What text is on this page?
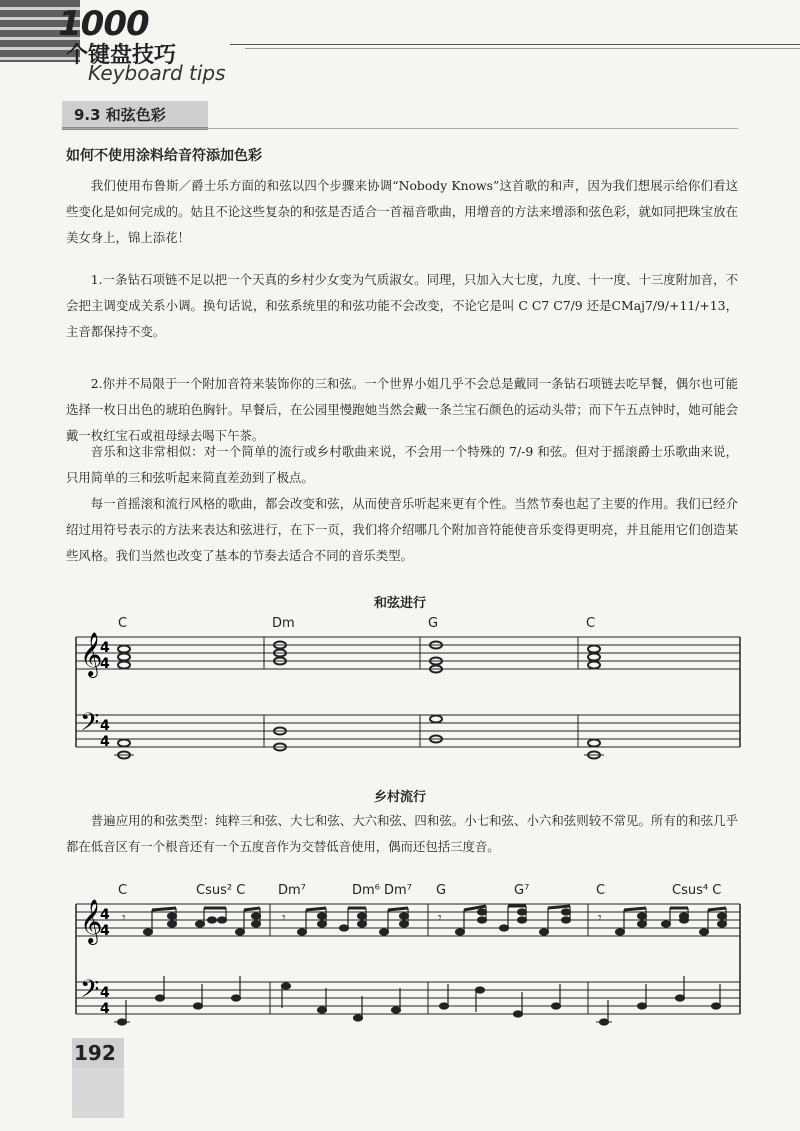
1000
个键盘技巧
Keyboard tips
9.3 和弦色彩
如何不使用涂料给音符添加色彩

我们使用布鲁斯／爵士乐方面的和弦以四个步骤来协调“Nobody Knows”这首歌的和声，因为我们想展示给你们看这些变化是如何完成的。姑且不论这些复杂的和弦是否适合一首福音歌曲，用增音的方法来增添和弦色彩，就如同把珠宝放在美女身上，锦上添花！

1.一条钻石项链不足以把一个天真的乡村少女变为气质淑女。同理，只加入大七度，九度、十一度、十三度附加音，不会把主调变成关系小调。换句话说，和弦系统里的和弦功能不会改变，不论它是叫 C C7 C7/9 还是CMaj7/9/+11/+13，主音都保持不变。

2.你并不局限于一个附加音符来装饰你的三和弦。一个世界小姐几乎不会总是戴同一条钻石项链去吃早餐，偶尔也可能选择一枚日出色的琥珀色胸针。早餐后，在公园里慢跑她当然会戴一条兰宝石颜色的运动头带；而下午五点钟时，她可能会戴一枚红宝石或祖母绿去喝下午茶。

音乐和这非常相似：对一个简单的流行或乡村歌曲来说，不会用一个特殊的 7/-9 和弦。但对于摇滚爵士乐歌曲来说，只用简单的三和弦听起来简直差劲到了极点。

每一首摇滚和流行风格的歌曲，都会改变和弦，从而使音乐听起来更有个性。当然节奏也起了主要的作用。我们已经介绍过用符号表示的方法来表达和弦进行，在下一页，我们将介绍哪几个附加音符能使音乐变得更明亮，并且能用它们创造某些风格。我们当然也改变了基本的节奏去适合不同的音乐类型。

和弦进行
𝄞
𝄢
4
4
4
4
C	Dm	G	C
乡村流行

普遍应用的和弦类型：纯粹三和弦、大七和弦、大六和弦、四和弦。小七和弦、小六和弦则较不常见。所有的和弦几乎都在低音区有一个根音还有一个五度音作为交替低音使用，偶而还包括三度音。

𝄞
𝄢
4
4
4
4
C	Csus² C	Dm⁷	Dm⁶ Dm⁷ G	G⁷	C	Csus⁴ C
𝄾	𝄾	𝄾	𝄾
192
